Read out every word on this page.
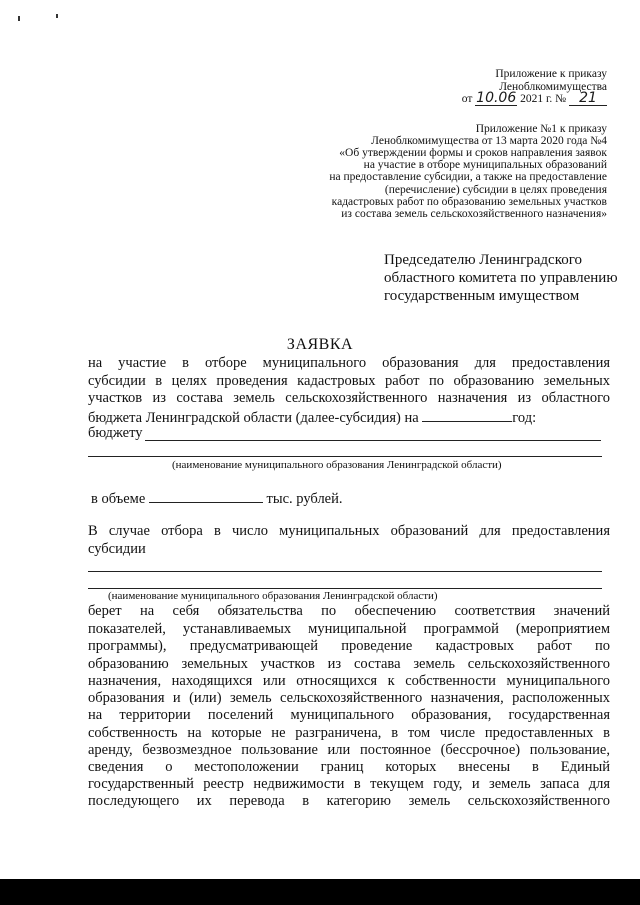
Приложение к приказу
Леноблкомимущества
от 10.06 2021 г. № 21
Приложение №1 к приказу
Леноблкомимущества от 13 марта 2020 года №4
«Об утверждении формы и сроков направления заявок
на участие в отборе муниципальных образований
на предоставление субсидии, а также на предоставление
(перечисление) субсидии в целях проведения
кадастровых работ по образованию земельных участков
из состава земель сельскохозяйственного назначения»
Председателю Ленинградского
областного комитета по управлению
государственным имуществом
ЗАЯВКА
на участие в отборе муниципального образования для предоставления
субсидии в целях проведения кадастровых работ по образованию земельных
участков из состава земель сельскохозяйственного назначения из областного
бюджета Ленинградской области (далее-субсидия) на	год:
бюджету
(наименование муниципального образования Ленинградской области)
в объеме	тыс. рублей.
В случае отбора в число муниципальных образований для предоставления
субсидии
(наименование муниципального образования Ленинградской области)
берет на себя обязательства по обеспечению соответствия значений
показателей, устанавливаемых муниципальной программой (мероприятием
программы), предусматривающей проведение кадастровых работ по
образованию земельных участков из состава земель сельскохозяйственного
назначения, находящихся или относящихся к собственности муниципального
образования и (или) земель сельскохозяйственного назначения, расположенных
на территории поселений муниципального образования, государственная
собственность на которые не разграничена, в том числе предоставленных в
аренду, безвозмездное пользование или постоянное (бессрочное) пользование,
сведения о местоположении границ которых внесены в Единый
государственный реестр недвижимости в текущем году, и земель запаса для
последующего их перевода в категорию земель сельскохозяйственного
